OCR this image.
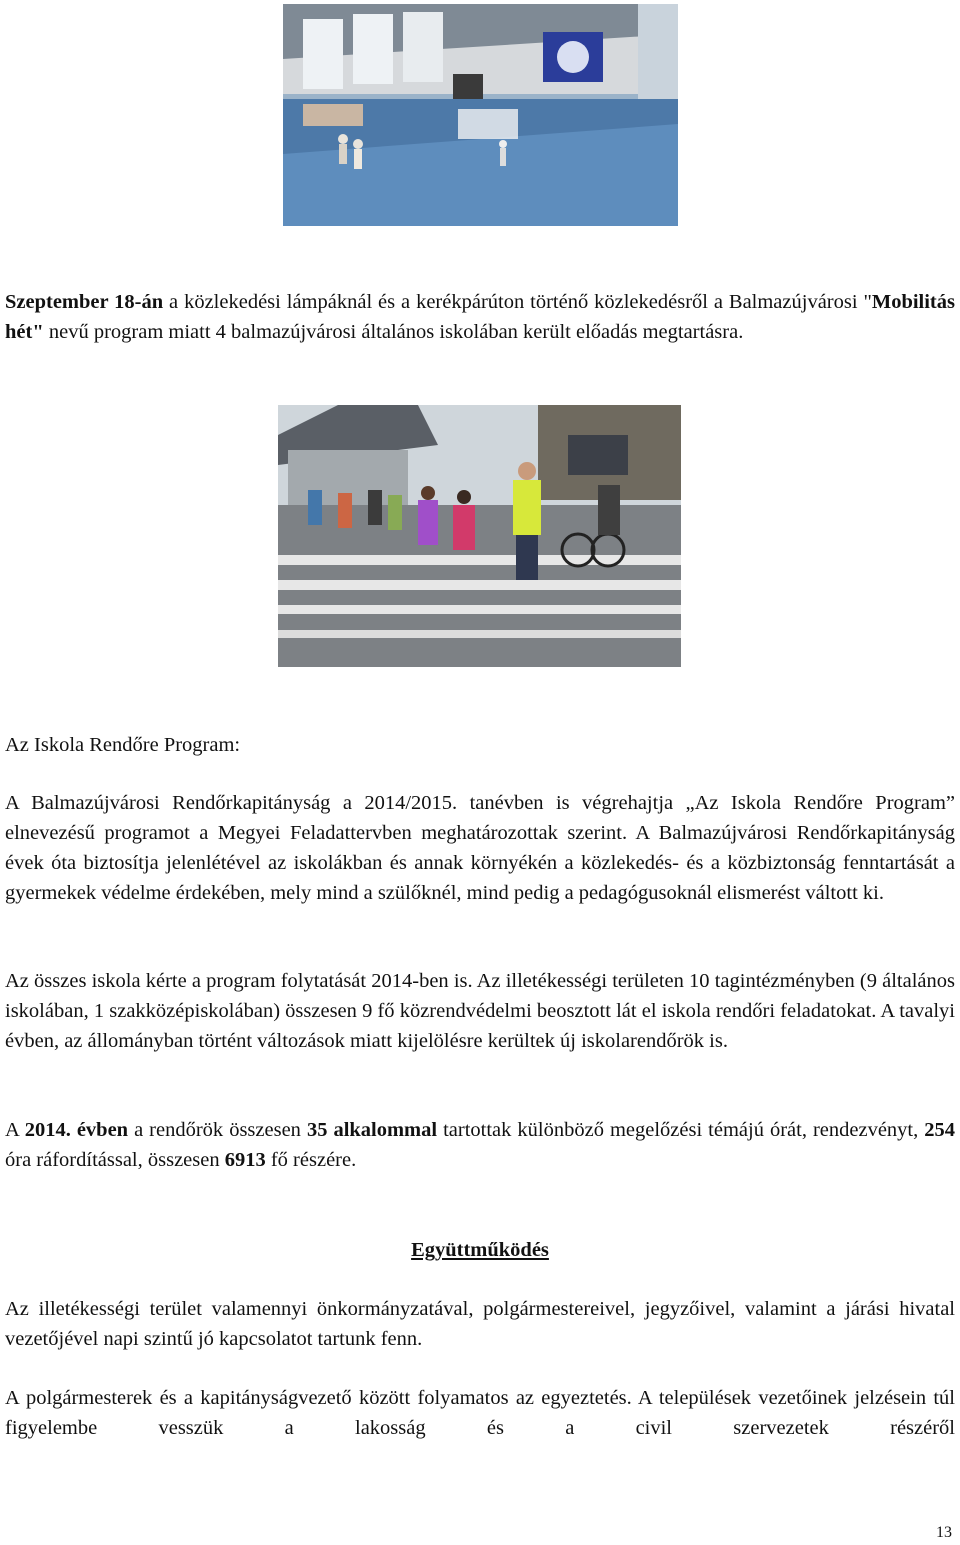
Szeptember 18-án a közlekedési lámpáknál és a kerékpárúton történő közlekedésről a Balmazújvárosi "Mobilitás hét" nevű program miatt 4 balmazújvárosi általános iskolában került előadás megtartásra.

Az Iskola Rendőre Program:

A Balmazújvárosi Rendőrkapitányság a 2014/2015. tanévben is végrehajtja „Az Iskola Rendőre Program” elnevezésű programot a Megyei Feladattervben meghatározottak szerint. A Balmazújvárosi Rendőrkapitányság évek óta biztosítja jelenlétével az iskolákban és annak környékén a közlekedés- és a közbiztonság fenntartását a gyermekek védelme érdekében, mely mind a szülőknél, mind pedig a pedagógusoknál elismerést váltott ki.

Az összes iskola kérte a program folytatását 2014-ben is. Az illetékességi területen 10 tagintézményben (9 általános iskolában, 1 szakközépiskolában) összesen 9 fő közrendvédelmi beosztott lát el iskola rendőri feladatokat. A tavalyi évben, az állományban történt változások miatt kijelölésre kerültek új iskolarendőrök is.

A 2014. évben a rendőrök összesen 35 alkalommal tartottak különböző megelőzési témájú órát, rendezvényt, 254 óra ráfordítással, összesen 6913 fő részére.

Együttműködés

Az illetékességi terület valamennyi önkormányzatával, polgármestereivel, jegyzőivel, valamint a járási hivatal vezetőjével napi szintű jó kapcsolatot tartunk fenn.

A polgármesterek és a kapitányságvezető között folyamatos az egyeztetés. A települések vezetőinek jelzésein túl figyelembe vesszük a lakosság és a civil szervezetek részéről

13
